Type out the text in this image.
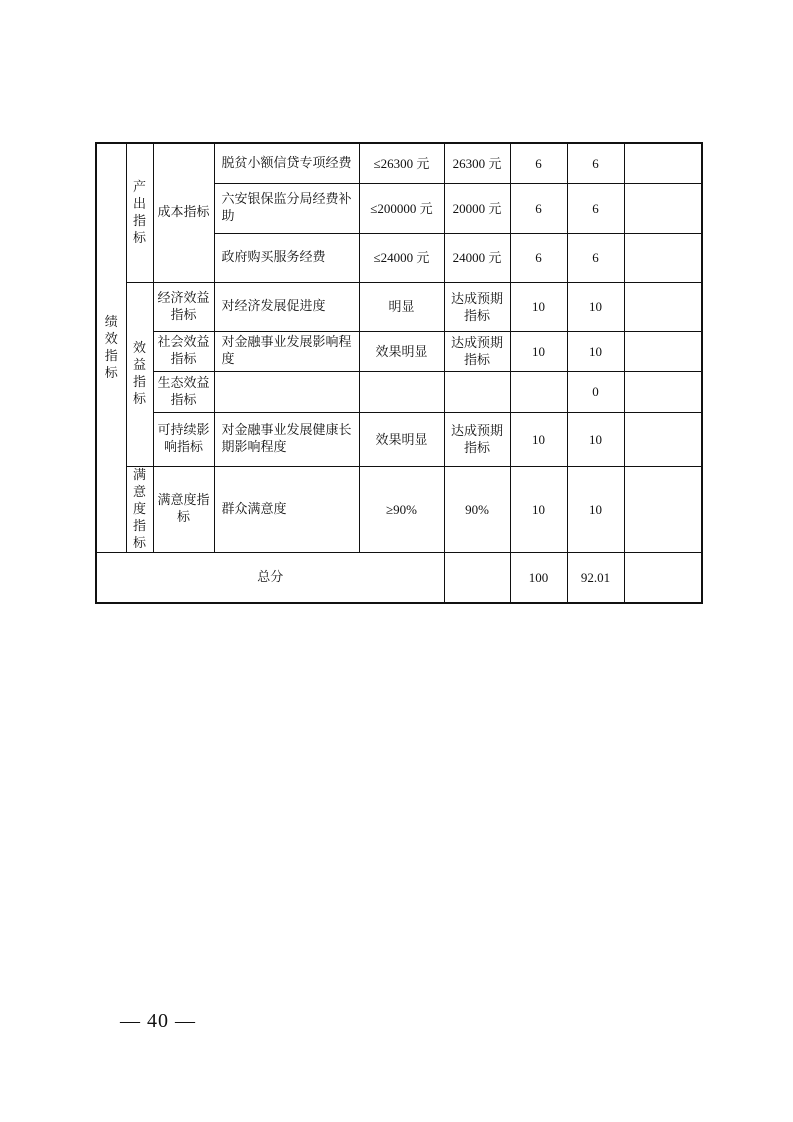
绩效指标	产出指标	成本指标	脱贫小额信贷专项经费	≤26300 元	26300 元	6	6	
			六安银保监分局经费补助	≤200000 元	20000 元	6	6	
			政府购买服务经费	≤24000 元	24000 元	6	6	
	效益指标	经济效益指标	对经济发展促进度	明显	达成预期指标	10	10	
		社会效益指标	对金融事业发展影响程度	效果明显	达成预期指标	10	10	
		生态效益指标					0	
		可持续影响指标	对金融事业发展健康长期影响程度	效果明显	达成预期指标	10	10	
	满意度指标	满意度指标	群众满意度	≥90%	90%	10	10	
总分						100	92.01	
— 40 —
